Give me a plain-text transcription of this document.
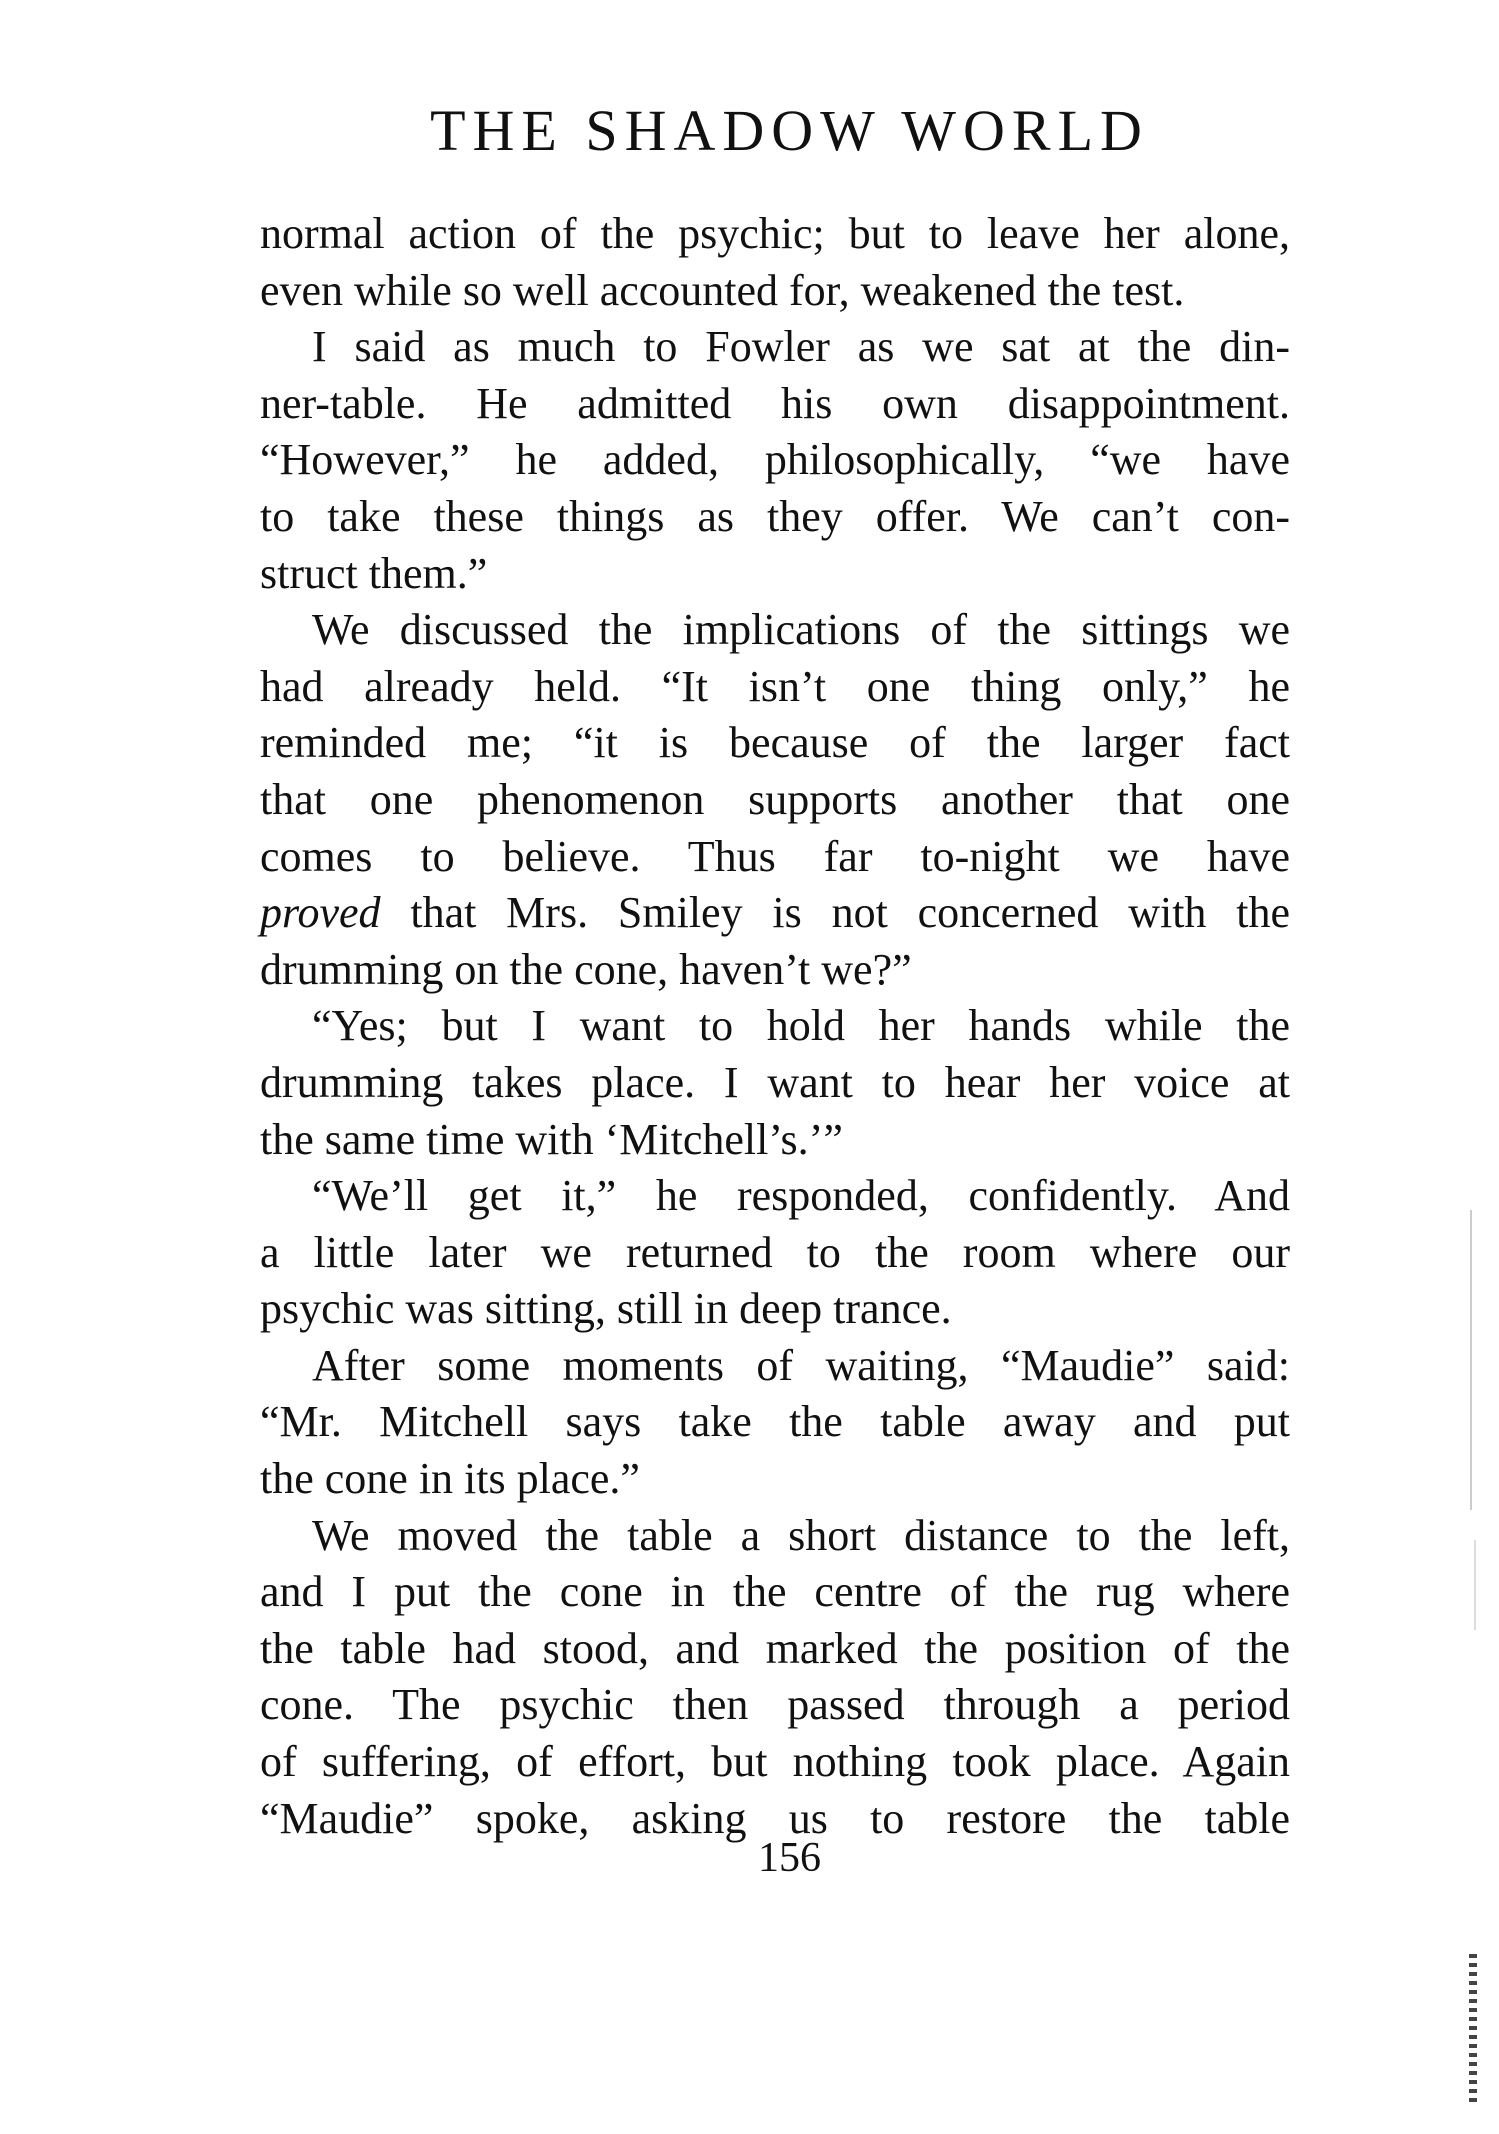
THE SHADOW WORLD
normal action of the psychic; but to leave her alone,
even while so well accounted for, weakened the test.
I said as much to Fowler as we sat at the din-
ner-table. He admitted his own disappointment.
“However,” he added, philosophically, “we have
to take these things as they offer. We can’t con-
struct them.”
We discussed the implications of the sittings we
had already held. “It isn’t one thing only,” he
reminded me; “it is because of the larger fact
that one phenomenon supports another that one
comes to believe. Thus far to-night we have
proved that Mrs. Smiley is not concerned with the
drumming on the cone, haven’t we?”
“Yes; but I want to hold her hands while the
drumming takes place. I want to hear her voice at
the same time with ‘Mitchell’s.’”
“We’ll get it,” he responded, confidently. And
a little later we returned to the room where our
psychic was sitting, still in deep trance.
After some moments of waiting, “Maudie” said:
“Mr. Mitchell says take the table away and put
the cone in its place.”
We moved the table a short distance to the left,
and I put the cone in the centre of the rug where
the table had stood, and marked the position of the
cone. The psychic then passed through a period
of suffering, of effort, but nothing took place. Again
“Maudie” spoke, asking us to restore the table
156
